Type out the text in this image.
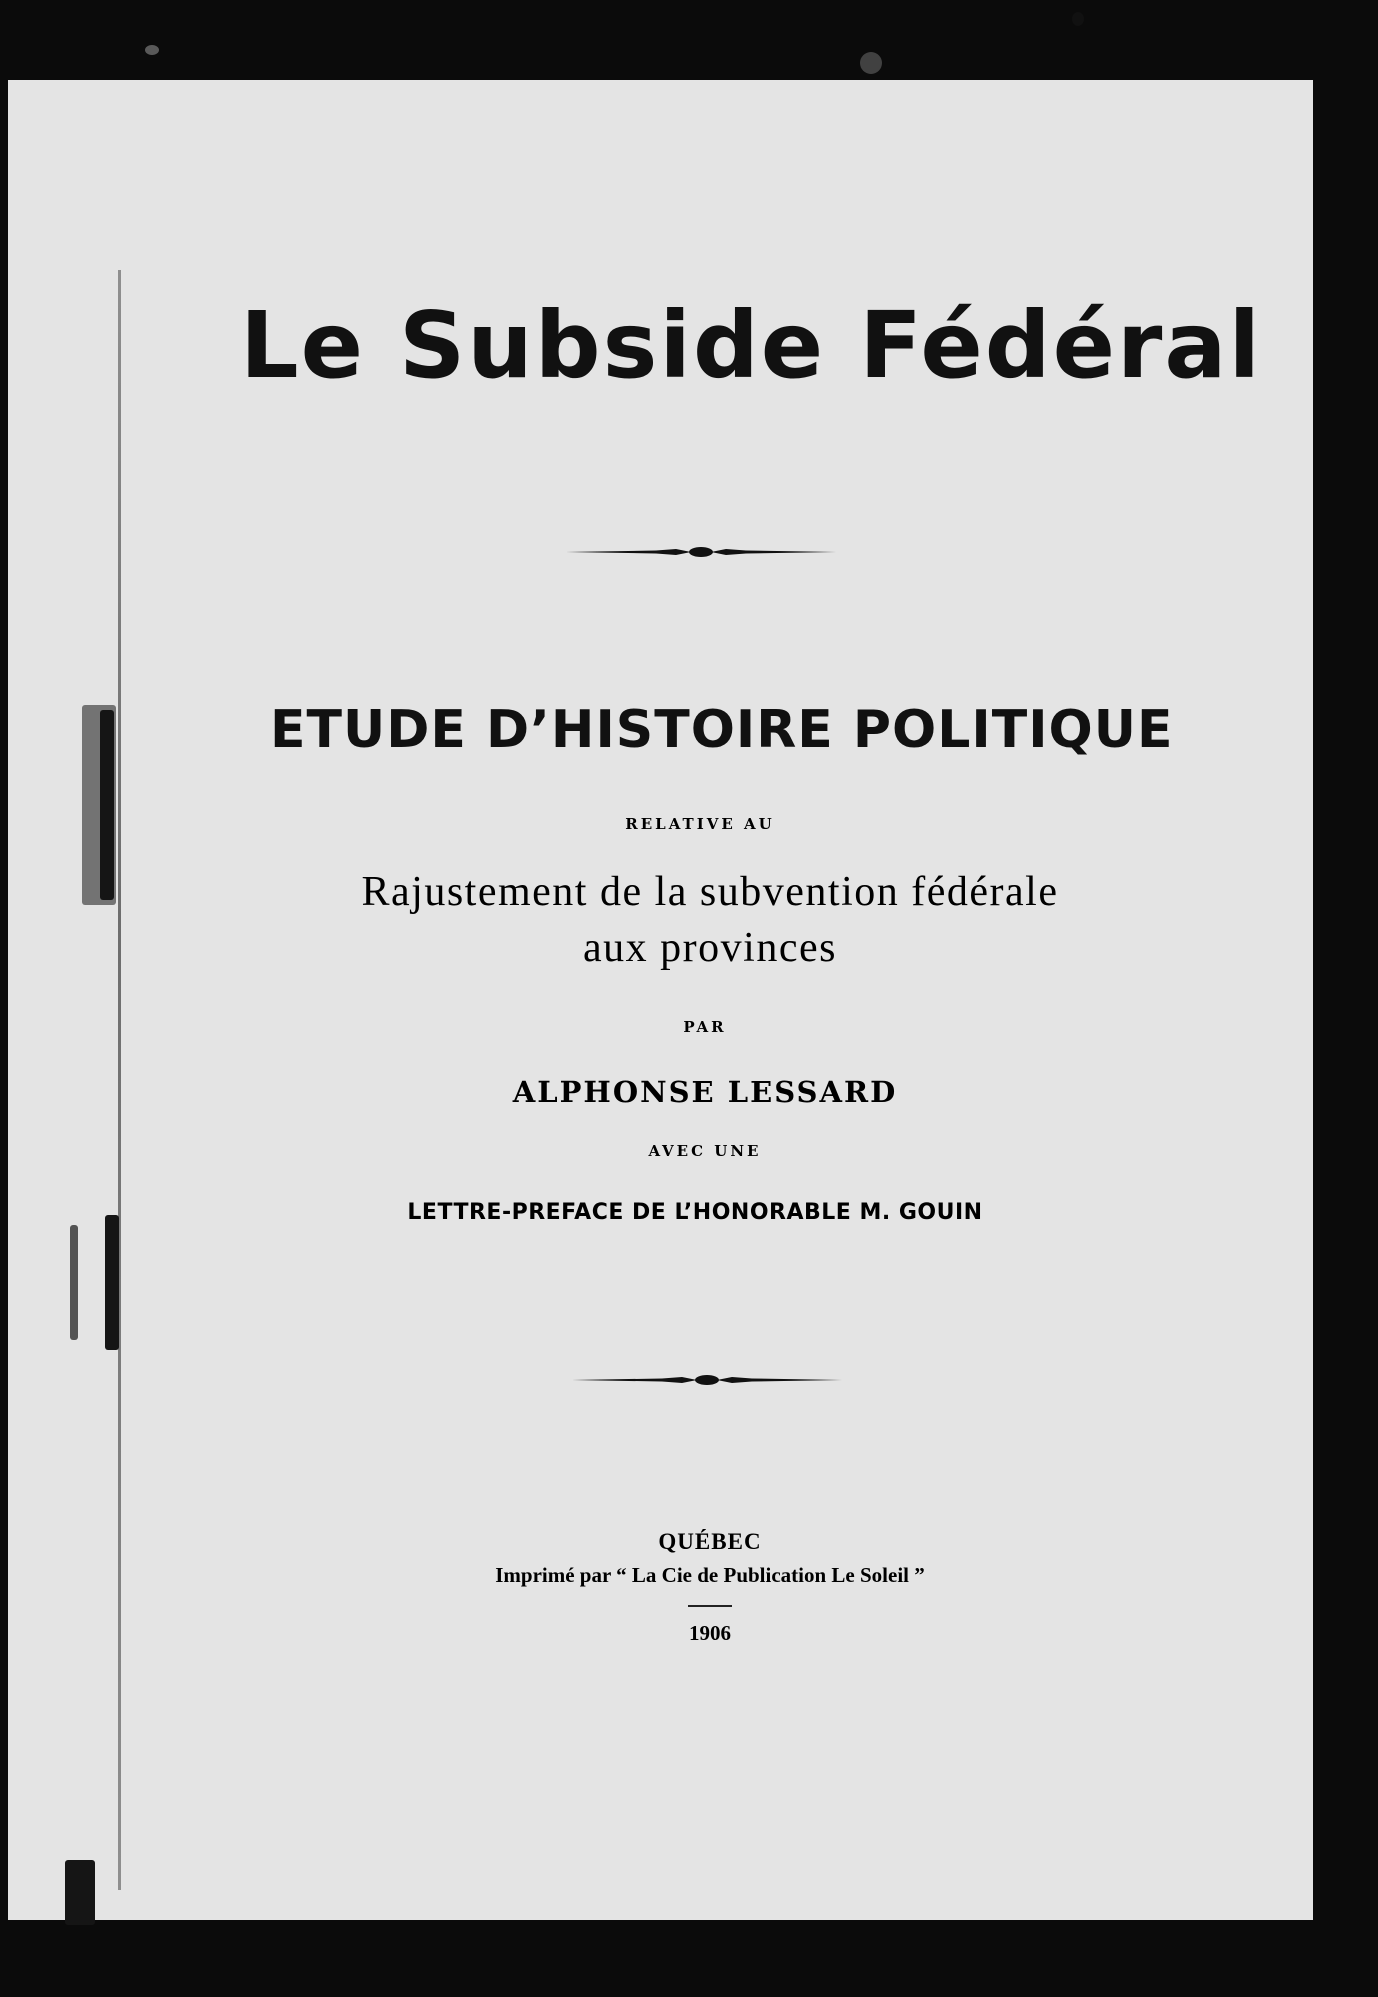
Le Subside Fédéral
ETUDE D’HISTOIRE POLITIQUE
RELATIVE AU
Rajustement de la subvention fédérale
aux provinces
PAR
ALPHONSE LESSARD
AVEC UNE
LETTRE-PREFACE DE L’HONORABLE M. GOUIN
QUÉBEC
Imprimé par “ La Cie de Publication Le Soleil ”
1906
